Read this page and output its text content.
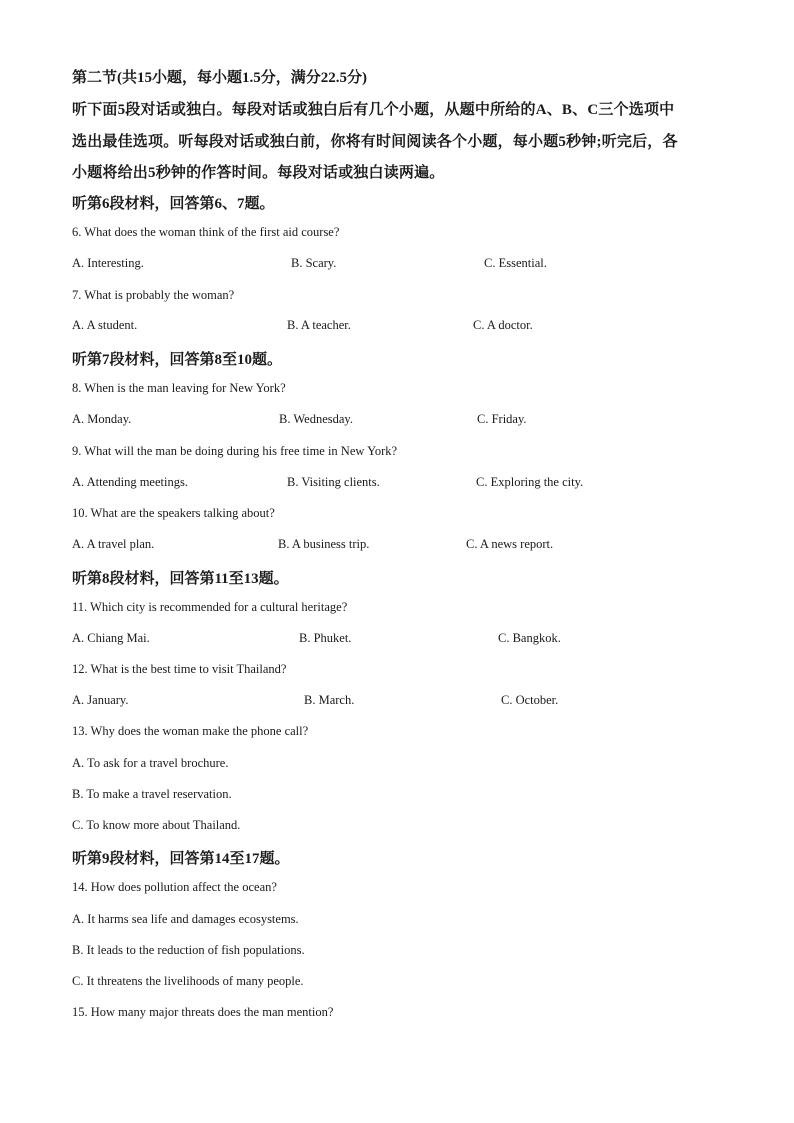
第二节(共15小题，每小题1.5分，满分22.5分)
听下面5段对话或独白。每段对话或独白后有几个小题，从题中所给的A、B、C三个选项中
选出最佳选项。听每段对话或独白前，你将有时间阅读各个小题，每小题5秒钟;听完后，各
小题将给出5秒钟的作答时间。每段对话或独白读两遍。
听第6段材料，回答第6、7题。
6. What does the woman think of the first aid course?
A. Interesting.	B. Scary.	C. Essential.
7. What is probably the woman?
A. A student.	B. A teacher.	C. A doctor.
听第7段材料，回答第8至10题。
8. When is the man leaving for New York?
A. Monday.	B. Wednesday.	C. Friday.
9. What will the man be doing during his free time in New York?
A. Attending meetings.	B. Visiting clients.	C. Exploring the city.
10. What are the speakers talking about?
A. A travel plan.	B. A business trip.	C. A news report.
听第8段材料，回答第11至13题。
11. Which city is recommended for a cultural heritage?
A. Chiang Mai.	B. Phuket.	C. Bangkok.
12. What is the best time to visit Thailand?
A. January.	B. March.	C. October.
13. Why does the woman make the phone call?
A. To ask for a travel brochure.
B. To make a travel reservation.
C. To know more about Thailand.
听第9段材料，回答第14至17题。
14. How does pollution affect the ocean?
A. It harms sea life and damages ecosystems.
B. It leads to the reduction of fish populations.
C. It threatens the livelihoods of many people.
15. How many major threats does the man mention?
